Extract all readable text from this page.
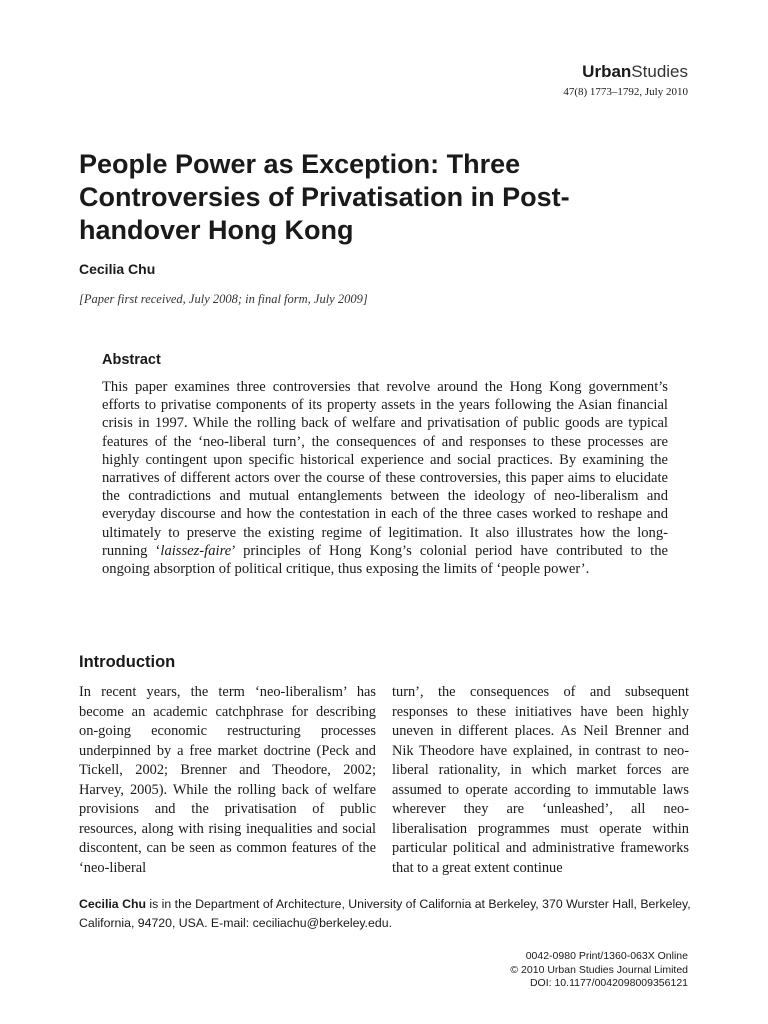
UrbanStudies
47(8) 1773–1792, July 2010
People Power as Exception: Three Controversies of Privatisation in Post-handover Hong Kong
Cecilia Chu
[Paper first received, July 2008; in final form, July 2009]
Abstract

This paper examines three controversies that revolve around the Hong Kong government’s efforts to privatise components of its property assets in the years following the Asian financial crisis in 1997. While the rolling back of welfare and privatisation of public goods are typical features of the ‘neo-liberal turn’, the consequences of and responses to these processes are highly contingent upon specific historical experience and social practices. By examining the narratives of different actors over the course of these controversies, this paper aims to elucidate the contradictions and mutual entanglements between the ideology of neo-liberalism and everyday discourse and how the contestation in each of the three cases worked to reshape and ultimately to preserve the existing regime of legitimation. It also illustrates how the long-running ‘laissez-faire’ principles of Hong Kong’s colonial period have contributed to the ongoing absorption of political critique, thus exposing the limits of ‘people power’.

Introduction

In recent years, the term ‘neo-liberalism’ has become an academic catchphrase for describing on-going economic restructuring processes underpinned by a free market doctrine (Peck and Tickell, 2002; Brenner and Theodore, 2002; Harvey, 2005). While the rolling back of welfare provisions and the privatisation of public resources, along with rising inequalities and social discontent, can be seen as common features of the ‘neo-liberal

turn’, the consequences of and subsequent responses to these initiatives have been highly uneven in different places. As Neil Brenner and Nik Theodore have explained, in contrast to neo-liberal rationality, in which market forces are assumed to operate according to immutable laws wherever they are ‘unleashed’, all neo-liberalisation programmes must operate within particular political and administrative frameworks that to a great extent continue

Cecilia Chu is in the Department of Architecture, University of California at Berkeley, 370 Wurster Hall, Berkeley, California, 94720, USA. E-mail: ceciliachu@berkeley.edu.

0042-0980 Print/1360-063X Online
© 2010 Urban Studies Journal Limited
DOI: 10.1177/0042098009356121
